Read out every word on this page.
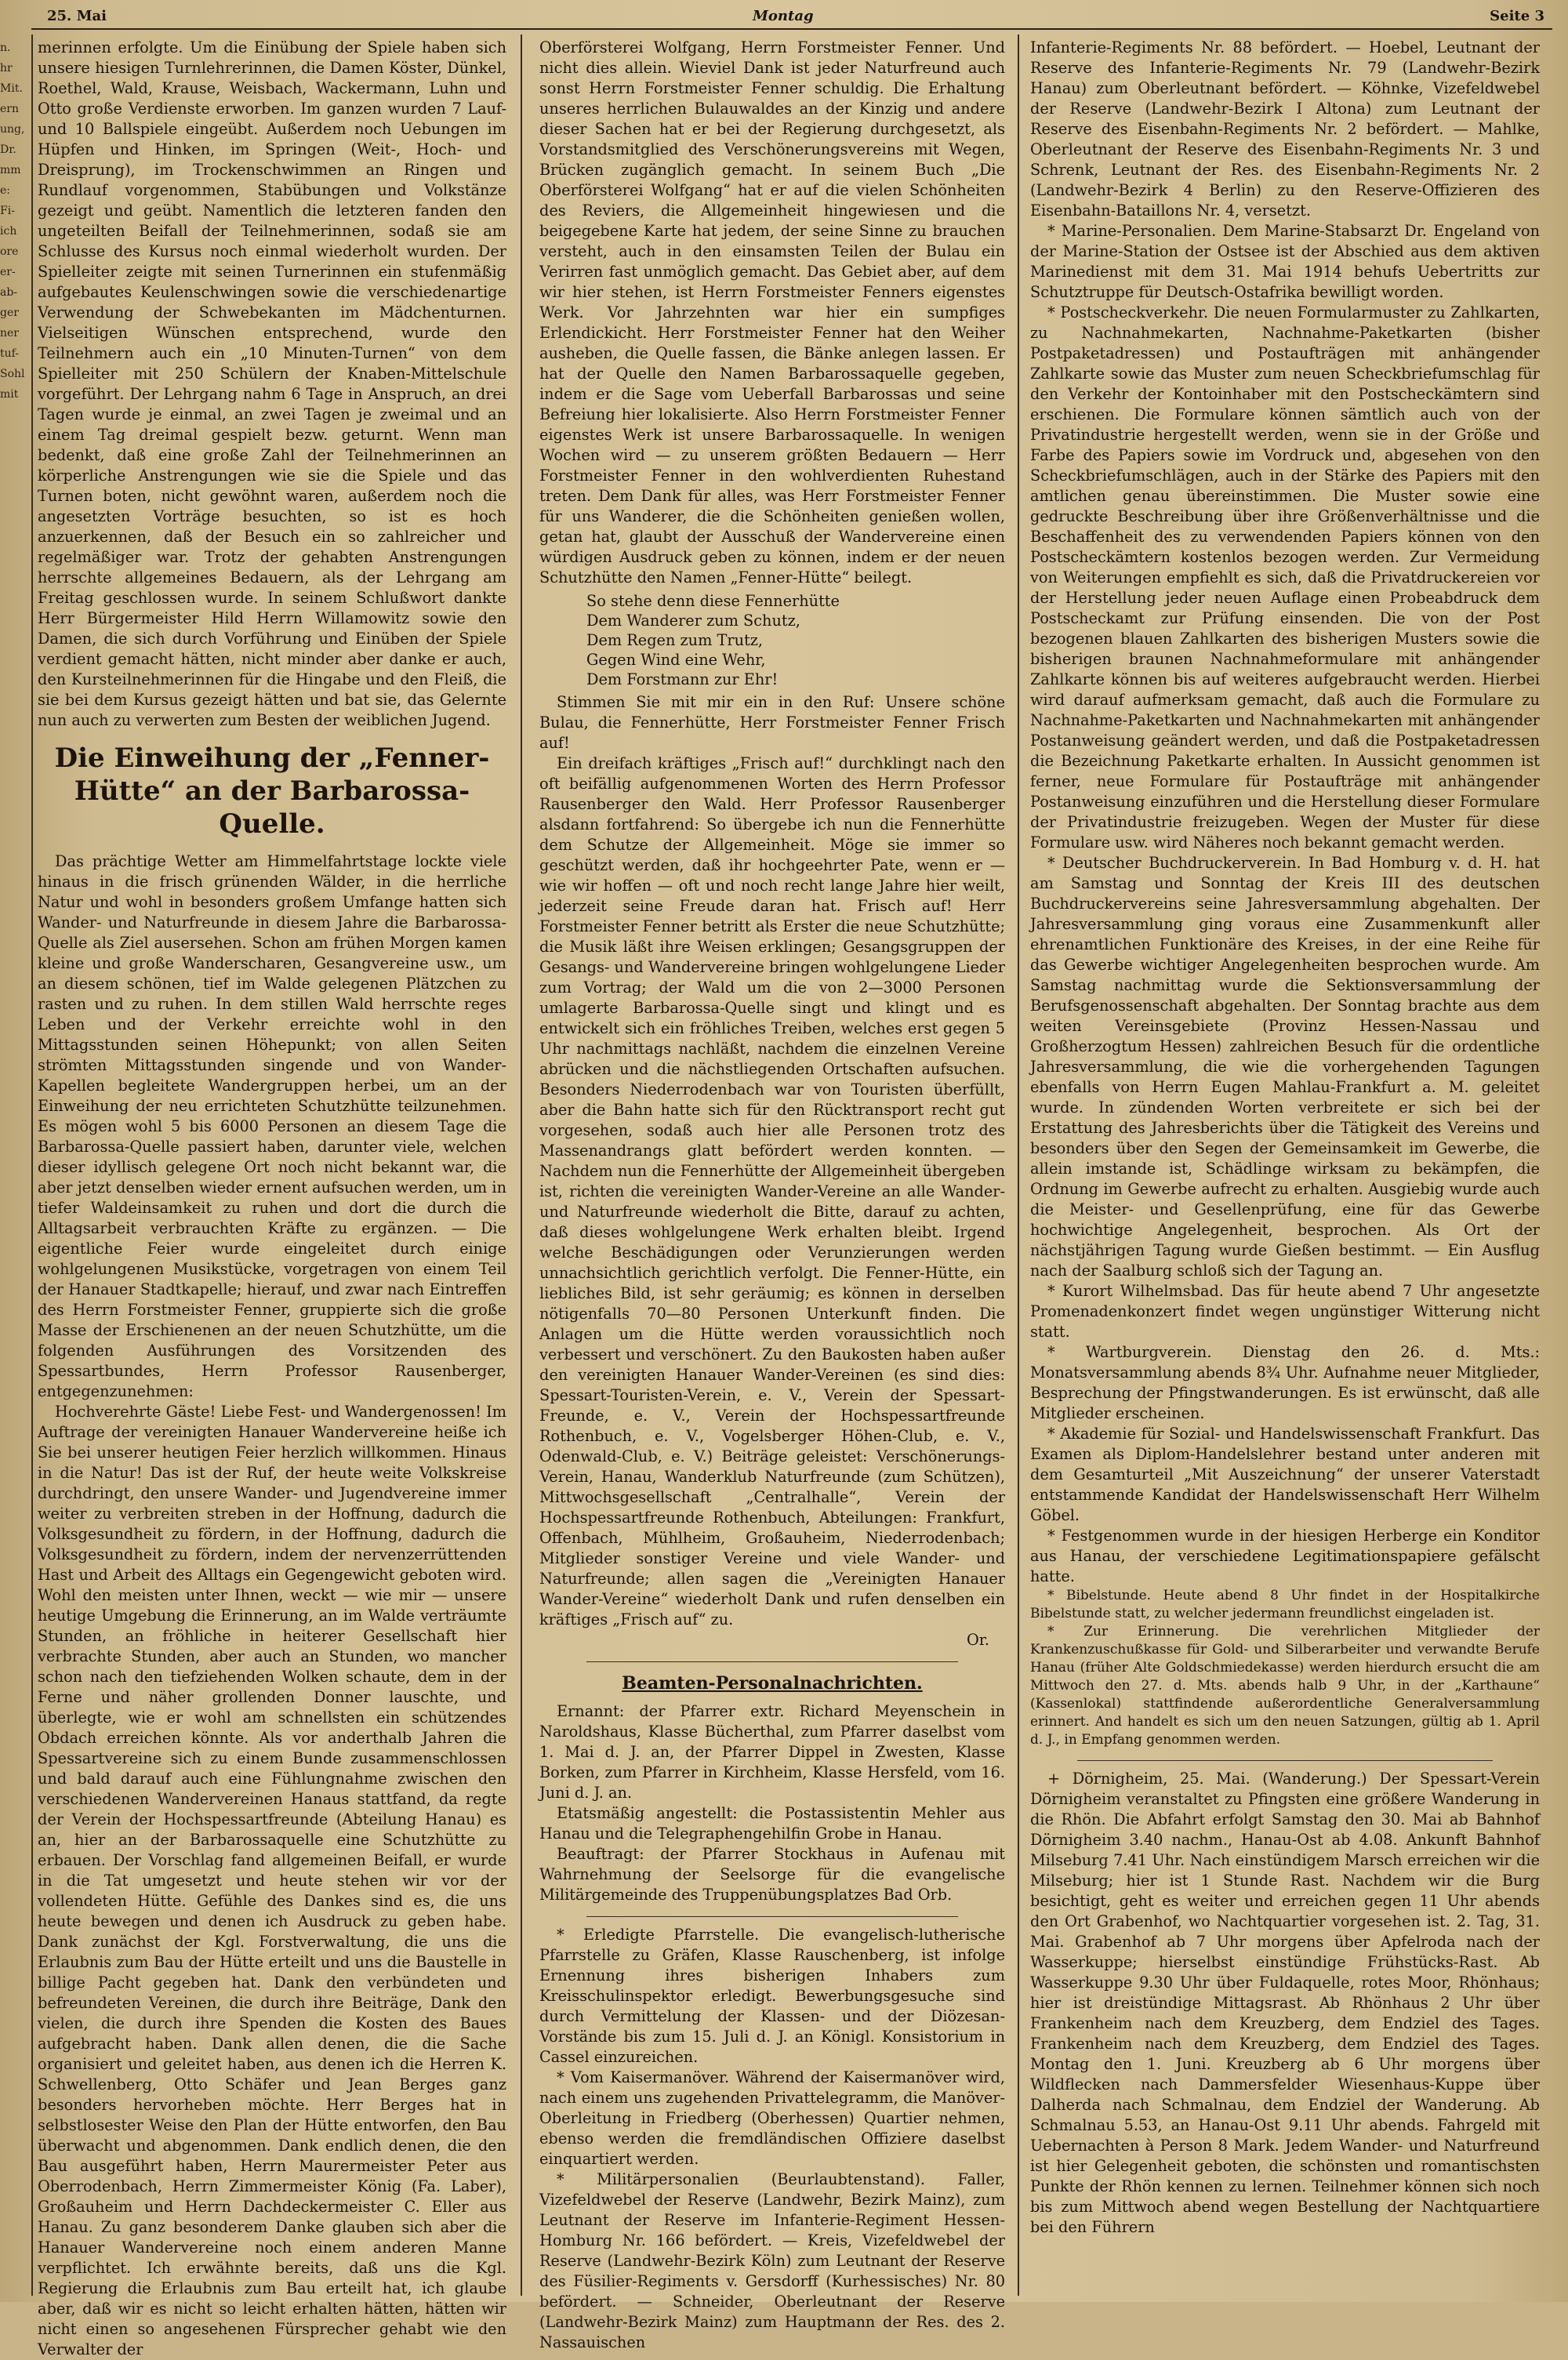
25. Mai	Montag	Seite 3
n.
hr
Mit.
ern
ung,
Dr.
mm
e:
Fi-
ich
ore
er-
ab-
ger
ner
tuf-
Sohl
mit

merinnen erfolgte. Um die Einübung der Spiele haben sich unsere hiesigen Turnlehrerinnen, die Damen Köster, Dünkel, Roethel, Wald, Krause, Weisbach, Wackermann, Luhn und Otto große Verdienste erworben. Im ganzen wurden 7 Lauf- und 10 Ballspiele eingeübt. Außerdem noch Uebungen im Hüpfen und Hinken, im Springen (Weit-, Hoch- und Dreisprung), im Trockenschwimmen an Ringen und Rundlauf vorgenommen, Stabübungen und Volkstänze gezeigt und geübt. Namentlich die letzteren fanden den ungeteilten Beifall der Teilnehmerinnen, sodaß sie am Schlusse des Kursus noch einmal wiederholt wurden. Der Spielleiter zeigte mit seinen Turnerinnen ein stufenmäßig aufgebautes Keulenschwingen sowie die verschiedenartige Verwendung der Schwebekanten im Mädchenturnen. Vielseitigen Wünschen entsprechend, wurde den Teilnehmern auch ein „10 Minuten-Turnen“ von dem Spielleiter mit 250 Schülern der Knaben-Mittelschule vorgeführt. Der Lehrgang nahm 6 Tage in Anspruch, an drei Tagen wurde je einmal, an zwei Tagen je zweimal und an einem Tag dreimal gespielt bezw. geturnt. Wenn man bedenkt, daß eine große Zahl der Teilnehmerinnen an körperliche Anstrengungen wie sie die Spiele und das Turnen boten, nicht gewöhnt waren, außerdem noch die angesetzten Vorträge besuchten, so ist es hoch anzuerkennen, daß der Besuch ein so zahlreicher und regelmäßiger war. Trotz der gehabten Anstrengungen herrschte allgemeines Bedauern, als der Lehrgang am Freitag geschlossen wurde. In seinem Schlußwort dankte Herr Bürgermeister Hild Herrn Willamowitz sowie den Damen, die sich durch Vorführung und Einüben der Spiele verdient gemacht hätten, nicht minder aber danke er auch, den Kursteilnehmerinnen für die Hingabe und den Fleiß, die sie bei dem Kursus gezeigt hätten und bat sie, das Gelernte nun auch zu verwerten zum Besten der weiblichen Jugend.

Die Einweihung der „Fenner-Hütte“ an der Barbarossa-Quelle.

Das prächtige Wetter am Himmelfahrtstage lockte viele hinaus in die frisch grünenden Wälder, in die herrliche Natur und wohl in besonders großem Umfange hatten sich Wander- und Naturfreunde in diesem Jahre die Barbarossa-Quelle als Ziel ausersehen. Schon am frühen Morgen kamen kleine und große Wanderscharen, Gesangvereine usw., um an diesem schönen, tief im Walde gelegenen Plätzchen zu rasten und zu ruhen. In dem stillen Wald herrschte reges Leben und der Verkehr erreichte wohl in den Mittagsstunden seinen Höhepunkt; von allen Seiten strömten Mittagsstunden singende und von Wander-Kapellen begleitete Wandergruppen herbei, um an der Einweihung der neu errichteten Schutzhütte teilzunehmen. Es mögen wohl 5 bis 6000 Personen an diesem Tage die Barbarossa-Quelle passiert haben, darunter viele, welchen dieser idyllisch gelegene Ort noch nicht bekannt war, die aber jetzt denselben wieder ernent aufsuchen werden, um in tiefer Waldeinsamkeit zu ruhen und dort die durch die Alltagsarbeit verbrauchten Kräfte zu ergänzen. — Die eigentliche Feier wurde eingeleitet durch einige wohlgelungenen Musikstücke, vorgetragen von einem Teil der Hanauer Stadtkapelle; hierauf, und zwar nach Eintreffen des Herrn Forstmeister Fenner, gruppierte sich die große Masse der Erschienenen an der neuen Schutzhütte, um die folgenden Ausführungen des Vorsitzenden des Spessartbundes, Herrn Professor Rausenberger, entgegenzunehmen:

Hochverehrte Gäste! Liebe Fest- und Wandergenossen! Im Auftrage der vereinigten Hanauer Wandervereine heiße ich Sie bei unserer heutigen Feier herzlich willkommen. Hinaus in die Natur! Das ist der Ruf, der heute weite Volkskreise durchdringt, den unsere Wander- und Jugendvereine immer weiter zu verbreiten streben in der Hoffnung, dadurch die Volksgesundheit zu fördern, in der Hoffnung, dadurch die Volksgesundheit zu fördern, indem der nervenzerrüttenden Hast und Arbeit des Alltags ein Gegengewicht geboten wird. Wohl den meisten unter Ihnen, weckt — wie mir — unsere heutige Umgebung die Erinnerung, an im Walde verträumte Stunden, an fröhliche in heiterer Gesellschaft hier verbrachte Stunden, aber auch an Stunden, wo mancher schon nach den tiefziehenden Wolken schaute, dem in der Ferne und näher grollenden Donner lauschte, und überlegte, wie er wohl am schnellsten ein schützendes Obdach erreichen könnte. Als vor anderthalb Jahren die Spessartvereine sich zu einem Bunde zusammenschlossen und bald darauf auch eine Fühlungnahme zwischen den verschiedenen Wandervereinen Hanaus stattfand, da regte der Verein der Hochspessartfreunde (Abteilung Hanau) es an, hier an der Barbarossaquelle eine Schutzhütte zu erbauen. Der Vorschlag fand allgemeinen Beifall, er wurde in die Tat umgesetzt und heute stehen wir vor der vollendeten Hütte. Gefühle des Dankes sind es, die uns heute bewegen und denen ich Ausdruck zu geben habe. Dank zunächst der Kgl. Forstverwaltung, die uns die Erlaubnis zum Bau der Hütte erteilt und uns die Baustelle in billige Pacht gegeben hat. Dank den verbündeten und befreundeten Vereinen, die durch ihre Beiträge, Dank den vielen, die durch ihre Spenden die Kosten des Baues aufgebracht haben. Dank allen denen, die die Sache organisiert und geleitet haben, aus denen ich die Herren K. Schwellenberg, Otto Schäfer und Jean Berges ganz besonders hervorheben möchte. Herr Berges hat in selbstlosester Weise den Plan der Hütte entworfen, den Bau überwacht und abgenommen. Dank endlich denen, die den Bau ausgeführt haben, Herrn Maurermeister Peter aus Oberrodenbach, Herrn Zimmermeister König (Fa. Laber), Großauheim und Herrn Dachdeckermeister C. Eller aus Hanau. Zu ganz besonderem Danke glauben sich aber die Hanauer Wandervereine noch einem anderen Manne verpflichtet. Ich erwähnte bereits, daß uns die Kgl. Regierung die Erlaubnis zum Bau erteilt hat, ich glaube aber, daß wir es nicht so leicht erhalten hätten, hätten wir nicht einen so angesehenen Fürsprecher gehabt wie den Verwalter der

Oberförsterei Wolfgang, Herrn Forstmeister Fenner. Und nicht dies allein. Wieviel Dank ist jeder Naturfreund auch sonst Herrn Forstmeister Fenner schuldig. Die Erhaltung unseres herrlichen Bulauwaldes an der Kinzig und andere dieser Sachen hat er bei der Regierung durchgesetzt, als Vorstandsmitglied des Verschönerungsvereins mit Wegen, Brücken zugänglich gemacht. In seinem Buch „Die Oberförsterei Wolfgang“ hat er auf die vielen Schönheiten des Reviers, die Allgemeinheit hingewiesen und die beigegebene Karte hat jedem, der seine Sinne zu brauchen versteht, auch in den einsamsten Teilen der Bulau ein Verirren fast unmöglich gemacht. Das Gebiet aber, auf dem wir hier stehen, ist Herrn Forstmeister Fenners eigenstes Werk. Vor Jahrzehnten war hier ein sumpfiges Erlendickicht. Herr Forstmeister Fenner hat den Weiher ausheben, die Quelle fassen, die Bänke anlegen lassen. Er hat der Quelle den Namen Barbarossaquelle gegeben, indem er die Sage vom Ueberfall Barbarossas und seine Befreiung hier lokalisierte. Also Herrn Forstmeister Fenner eigenstes Werk ist unsere Barbarossaquelle. In wenigen Wochen wird — zu unserem größten Bedauern — Herr Forstmeister Fenner in den wohlverdienten Ruhestand treten. Dem Dank für alles, was Herr Forstmeister Fenner für uns Wanderer, die die Schönheiten genießen wollen, getan hat, glaubt der Ausschuß der Wandervereine einen würdigen Ausdruck geben zu können, indem er der neuen Schutzhütte den Namen „Fenner-Hütte“ beilegt.

So stehe denn diese Fennerhütte
Dem Wanderer zum Schutz,
Dem Regen zum Trutz,
Gegen Wind eine Wehr,
Dem Forstmann zur Ehr!

Stimmen Sie mit mir ein in den Ruf: Unsere schöne Bulau, die Fennerhütte, Herr Forstmeister Fenner Frisch auf!

Ein dreifach kräftiges „Frisch auf!“ durchklingt nach den oft beifällig aufgenommenen Worten des Herrn Professor Rausenberger den Wald. Herr Professor Rausenberger alsdann fortfahrend: So übergebe ich nun die Fennerhütte dem Schutze der Allgemeinheit. Möge sie immer so geschützt werden, daß ihr hochgeehrter Pate, wenn er — wie wir hoffen — oft und noch recht lange Jahre hier weilt, jederzeit seine Freude daran hat. Frisch auf! Herr Forstmeister Fenner betritt als Erster die neue Schutzhütte; die Musik läßt ihre Weisen erklingen; Gesangsgruppen der Gesangs- und Wandervereine bringen wohlgelungene Lieder zum Vortrag; der Wald um die von 2—3000 Personen umlagerte Barbarossa-Quelle singt und klingt und es entwickelt sich ein fröhliches Treiben, welches erst gegen 5 Uhr nachmittags nachläßt, nachdem die einzelnen Vereine abrücken und die nächstliegenden Ortschaften aufsuchen. Besonders Niederrodenbach war von Touristen überfüllt, aber die Bahn hatte sich für den Rücktransport recht gut vorgesehen, sodaß auch hier alle Personen trotz des Massenandrangs glatt befördert werden konnten. — Nachdem nun die Fennerhütte der Allgemeinheit übergeben ist, richten die vereinigten Wander-Vereine an alle Wander- und Naturfreunde wiederholt die Bitte, darauf zu achten, daß dieses wohlgelungene Werk erhalten bleibt. Irgend welche Beschädigungen oder Verunzierungen werden unnachsichtlich gerichtlich verfolgt. Die Fenner-Hütte, ein liebliches Bild, ist sehr geräumig; es können in derselben nötigenfalls 70—80 Personen Unterkunft finden. Die Anlagen um die Hütte werden voraussichtlich noch verbessert und verschönert. Zu den Baukosten haben außer den vereinigten Hanauer Wander-Vereinen (es sind dies: Spessart-Touristen-Verein, e. V., Verein der Spessart-Freunde, e. V., Verein der Hochspessartfreunde Rothenbuch, e. V., Vogelsberger Höhen-Club, e. V., Odenwald-Club, e. V.) Beiträge geleistet: Verschönerungs-Verein, Hanau, Wanderklub Naturfreunde (zum Schützen), Mittwochsgesellschaft „Centralhalle“, Verein der Hochspessartfreunde Rothenbuch, Abteilungen: Frankfurt, Offenbach, Mühlheim, Großauheim, Niederrodenbach; Mitglieder sonstiger Vereine und viele Wander- und Naturfreunde; allen sagen die „Vereinigten Hanauer Wander-Vereine“ wiederholt Dank und rufen denselben ein kräftiges „Frisch auf“ zu.

Or.

Beamten-Personalnachrichten.

Ernannt: der Pfarrer extr. Richard Meyenschein in Naroldshaus, Klasse Bücherthal, zum Pfarrer daselbst vom 1. Mai d. J. an, der Pfarrer Dippel in Zwesten, Klasse Borken, zum Pfarrer in Kirchheim, Klasse Hersfeld, vom 16. Juni d. J. an.

Etatsmäßig angestellt: die Postassistentin Mehler aus Hanau und die Telegraphengehilfin Grobe in Hanau.

Beauftragt: der Pfarrer Stockhaus in Aufenau mit Wahrnehmung der Seelsorge für die evangelische Militärgemeinde des Truppenübungsplatzes Bad Orb.

* Erledigte Pfarrstelle. Die evangelisch-lutherische Pfarrstelle zu Gräfen, Klasse Rauschenberg, ist infolge Ernennung ihres bisherigen Inhabers zum Kreisschulinspektor erledigt. Bewerbungsgesuche sind durch Vermittelung der Klassen- und der Diözesan-Vorstände bis zum 15. Juli d. J. an Königl. Konsistorium in Cassel einzureichen.

* Vom Kaisermanöver. Während der Kaisermanöver wird, nach einem uns zugehenden Privattelegramm, die Manöver-Oberleitung in Friedberg (Oberhessen) Quartier nehmen, ebenso werden die fremdländischen Offiziere daselbst einquartiert werden.

* Militärpersonalien (Beurlaubtenstand). Faller, Vizefeldwebel der Reserve (Landwehr, Bezirk Mainz), zum Leutnant der Reserve im Infanterie-Regiment Hessen-Homburg Nr. 166 befördert. — Kreis, Vizefeldwebel der Reserve (Landwehr-Bezirk Köln) zum Leutnant der Reserve des Füsilier-Regiments v. Gersdorff (Kurhessisches) Nr. 80 befördert. — Schneider, Oberleutnant der Reserve (Landwehr-Bezirk Mainz) zum Hauptmann der Res. des 2. Nassauischen

Infanterie-Regiments Nr. 88 befördert. — Hoebel, Leutnant der Reserve des Infanterie-Regiments Nr. 79 (Landwehr-Bezirk Hanau) zum Oberleutnant befördert. — Köhnke, Vizefeldwebel der Reserve (Landwehr-Bezirk I Altona) zum Leutnant der Reserve des Eisenbahn-Regiments Nr. 2 befördert. — Mahlke, Oberleutnant der Reserve des Eisenbahn-Regiments Nr. 3 und Schrenk, Leutnant der Res. des Eisenbahn-Regiments Nr. 2 (Landwehr-Bezirk 4 Berlin) zu den Reserve-Offizieren des Eisenbahn-Bataillons Nr. 4, versetzt.

* Marine-Personalien. Dem Marine-Stabsarzt Dr. Engeland von der Marine-Station der Ostsee ist der Abschied aus dem aktiven Marinedienst mit dem 31. Mai 1914 behufs Uebertritts zur Schutztruppe für Deutsch-Ostafrika bewilligt worden.

* Postscheckverkehr. Die neuen Formularmuster zu Zahlkarten, zu Nachnahmekarten, Nachnahme-Paketkarten (bisher Postpaketadressen) und Postaufträgen mit anhängender Zahlkarte sowie das Muster zum neuen Scheckbriefumschlag für den Verkehr der Kontoinhaber mit den Postscheckämtern sind erschienen. Die Formulare können sämtlich auch von der Privatindustrie hergestellt werden, wenn sie in der Größe und Farbe des Papiers sowie im Vordruck und, abgesehen von den Scheckbriefumschlägen, auch in der Stärke des Papiers mit den amtlichen genau übereinstimmen. Die Muster sowie eine gedruckte Beschreibung über ihre Größenverhältnisse und die Beschaffenheit des zu verwendenden Papiers können von den Postscheckämtern kostenlos bezogen werden. Zur Vermeidung von Weiterungen empfiehlt es sich, daß die Privatdruckereien vor der Herstellung jeder neuen Auflage einen Probeabdruck dem Postscheckamt zur Prüfung einsenden. Die von der Post bezogenen blauen Zahlkarten des bisherigen Musters sowie die bisherigen braunen Nachnahmeformulare mit anhängender Zahlkarte können bis auf weiteres aufgebraucht werden. Hierbei wird darauf aufmerksam gemacht, daß auch die Formulare zu Nachnahme-Paketkarten und Nachnahmekarten mit anhängender Postanweisung geändert werden, und daß die Postpaketadressen die Bezeichnung Paketkarte erhalten. In Aussicht genommen ist ferner, neue Formulare für Postaufträge mit anhängender Postanweisung einzuführen und die Herstellung dieser Formulare der Privatindustrie freizugeben. Wegen der Muster für diese Formulare usw. wird Näheres noch bekannt gemacht werden.

* Deutscher Buchdruckerverein. In Bad Homburg v. d. H. hat am Samstag und Sonntag der Kreis III des deutschen Buchdruckervereins seine Jahresversammlung abgehalten. Der Jahresversammlung ging voraus eine Zusammenkunft aller ehrenamtlichen Funktionäre des Kreises, in der eine Reihe für das Gewerbe wichtiger Angelegenheiten besprochen wurde. Am Samstag nachmittag wurde die Sektionsversammlung der Berufsgenossenschaft abgehalten. Der Sonntag brachte aus dem weiten Vereinsgebiete (Provinz Hessen-Nassau und Großherzogtum Hessen) zahlreichen Besuch für die ordentliche Jahresversammlung, die wie die vorhergehenden Tagungen ebenfalls von Herrn Eugen Mahlau-Frankfurt a. M. geleitet wurde. In zündenden Worten verbreitete er sich bei der Erstattung des Jahresberichts über die Tätigkeit des Vereins und besonders über den Segen der Gemeinsamkeit im Gewerbe, die allein imstande ist, Schädlinge wirksam zu bekämpfen, die Ordnung im Gewerbe aufrecht zu erhalten. Ausgiebig wurde auch die Meister- und Gesellenprüfung, eine für das Gewerbe hochwichtige Angelegenheit, besprochen. Als Ort der nächstjährigen Tagung wurde Gießen bestimmt. — Ein Ausflug nach der Saalburg schloß sich der Tagung an.

* Kurort Wilhelmsbad. Das für heute abend 7 Uhr angesetzte Promenadenkonzert findet wegen ungünstiger Witterung nicht statt.

* Wartburgverein. Dienstag den 26. d. Mts.: Monatsversammlung abends 8¾ Uhr. Aufnahme neuer Mitglieder, Besprechung der Pfingstwanderungen. Es ist erwünscht, daß alle Mitglieder erscheinen.

* Akademie für Sozial- und Handelswissenschaft Frankfurt. Das Examen als Diplom-Handelslehrer bestand unter anderen mit dem Gesamturteil „Mit Auszeichnung“ der unserer Vaterstadt entstammende Kandidat der Handelswissenschaft Herr Wilhelm Göbel.

* Festgenommen wurde in der hiesigen Herberge ein Konditor aus Hanau, der verschiedene Legitimationspapiere gefälscht hatte.

* Bibelstunde. Heute abend 8 Uhr findet in der Hospitalkirche Bibelstunde statt, zu welcher jedermann freundlichst eingeladen ist.

* Zur Erinnerung. Die verehrlichen Mitglieder der Krankenzuschußkasse für Gold- und Silberarbeiter und verwandte Berufe Hanau (früher Alte Goldschmiedekasse) werden hierdurch ersucht die am Mittwoch den 27. d. Mts. abends halb 9 Uhr, in der „Karthaune“ (Kassenlokal) stattfindende außerordentliche Generalversammlung erinnert. And handelt es sich um den neuen Satzungen, gültig ab 1. April d. J., in Empfang genommen werden.

+ Dörnigheim, 25. Mai. (Wanderung.) Der Spessart-Verein Dörnigheim veranstaltet zu Pfingsten eine größere Wanderung in die Rhön. Die Abfahrt erfolgt Samstag den 30. Mai ab Bahnhof Dörnigheim 3.40 nachm., Hanau-Ost ab 4.08. Ankunft Bahnhof Milseburg 7.41 Uhr. Nach einstündigem Marsch erreichen wir die Milseburg; hier ist 1 Stunde Rast. Nachdem wir die Burg besichtigt, geht es weiter und erreichen gegen 11 Uhr abends den Ort Grabenhof, wo Nachtquartier vorgesehen ist. 2. Tag, 31. Mai. Grabenhof ab 7 Uhr morgens über Apfelroda nach der Wasserkuppe; hierselbst einstündige Frühstücks-Rast. Ab Wasserkuppe 9.30 Uhr über Fuldaquelle, rotes Moor, Rhönhaus; hier ist dreistündige Mittagsrast. Ab Rhönhaus 2 Uhr über Frankenheim nach dem Kreuzberg, dem Endziel des Tages. Frankenheim nach dem Kreuzberg, dem Endziel des Tages. Montag den 1. Juni. Kreuzberg ab 6 Uhr morgens über Wildflecken nach Dammersfelder Wiesenhaus-Kuppe über Dalherda nach Schmalnau, dem Endziel der Wanderung. Ab Schmalnau 5.53, an Hanau-Ost 9.11 Uhr abends. Fahrgeld mit Uebernachten à Person 8 Mark. Jedem Wander- und Naturfreund ist hier Gelegenheit geboten, die schönsten und romantischsten Punkte der Rhön kennen zu lernen. Teilnehmer können sich noch bis zum Mittwoch abend wegen Bestellung der Nachtquartiere bei den Führern
